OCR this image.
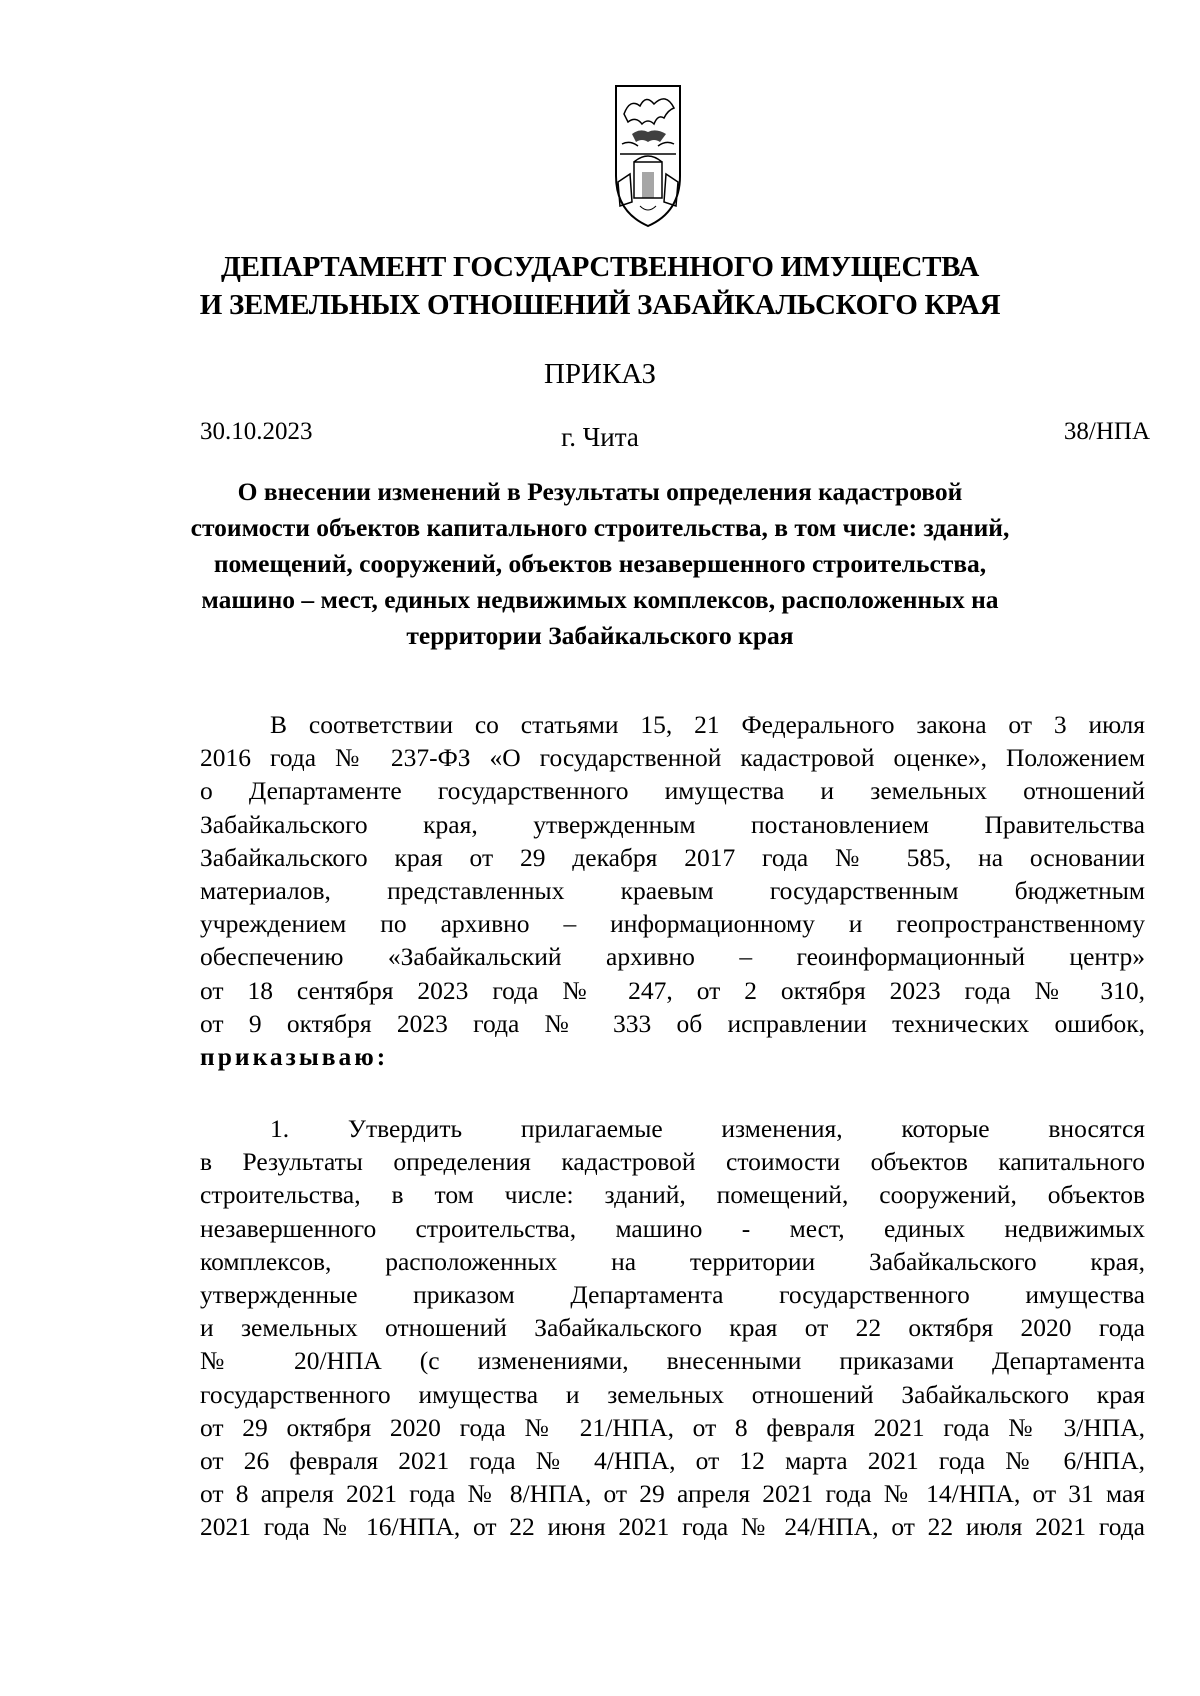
ДЕПАРТАМЕНТ ГОСУДАРСТВЕННОГО ИМУЩЕСТВА
И ЗЕМЕЛЬНЫХ ОТНОШЕНИЙ ЗАБАЙКАЛЬСКОГО КРАЯ
ПРИКАЗ
30.10.2023	г. Чита	38/НПА
О внесении изменений в Результаты определения кадастровой
стоимости объектов капитального строительства, в том числе: зданий,
помещений, сооружений, объектов незавершенного строительства,
машино – мест, единых недвижимых комплексов, расположенных на
территории Забайкальского края
В соответствии со статьями 15, 21 Федерального закона от 3 июля
2016 года № 237-ФЗ «О государственной кадастровой оценке», Положением
о Департаменте государственного имущества и земельных отношений
Забайкальского края, утвержденным постановлением Правительства
Забайкальского края от 29 декабря 2017 года № 585, на основании
материалов, представленных краевым государственным бюджетным
учреждением по архивно – информационному и геопространственному
обеспечению «Забайкальский архивно – геоинформационный центр»
от 18 сентября 2023 года № 247, от 2 октября 2023 года № 310,
от 9 октября 2023 года № 333 об исправлении технических ошибок,
приказываю:
1. Утвердить прилагаемые изменения, которые вносятся
в Результаты определения кадастровой стоимости объектов капитального
строительства, в том числе: зданий, помещений, сооружений, объектов
незавершенного строительства, машино - мест, единых недвижимых
комплексов, расположенных на территории Забайкальского края,
утвержденные приказом Департамента государственного имущества
и земельных отношений Забайкальского края от 22 октября 2020 года
№ 20/НПА (с изменениями, внесенными приказами Департамента
государственного имущества и земельных отношений Забайкальского края
от 29 октября 2020 года № 21/НПА, от 8 февраля 2021 года № 3/НПА,
от 26 февраля 2021 года № 4/НПА, от 12 марта 2021 года № 6/НПА,
от 8 апреля 2021 года № 8/НПА, от 29 апреля 2021 года № 14/НПА, от 31 мая
2021 года № 16/НПА, от 22 июня 2021 года № 24/НПА, от 22 июля 2021 года
